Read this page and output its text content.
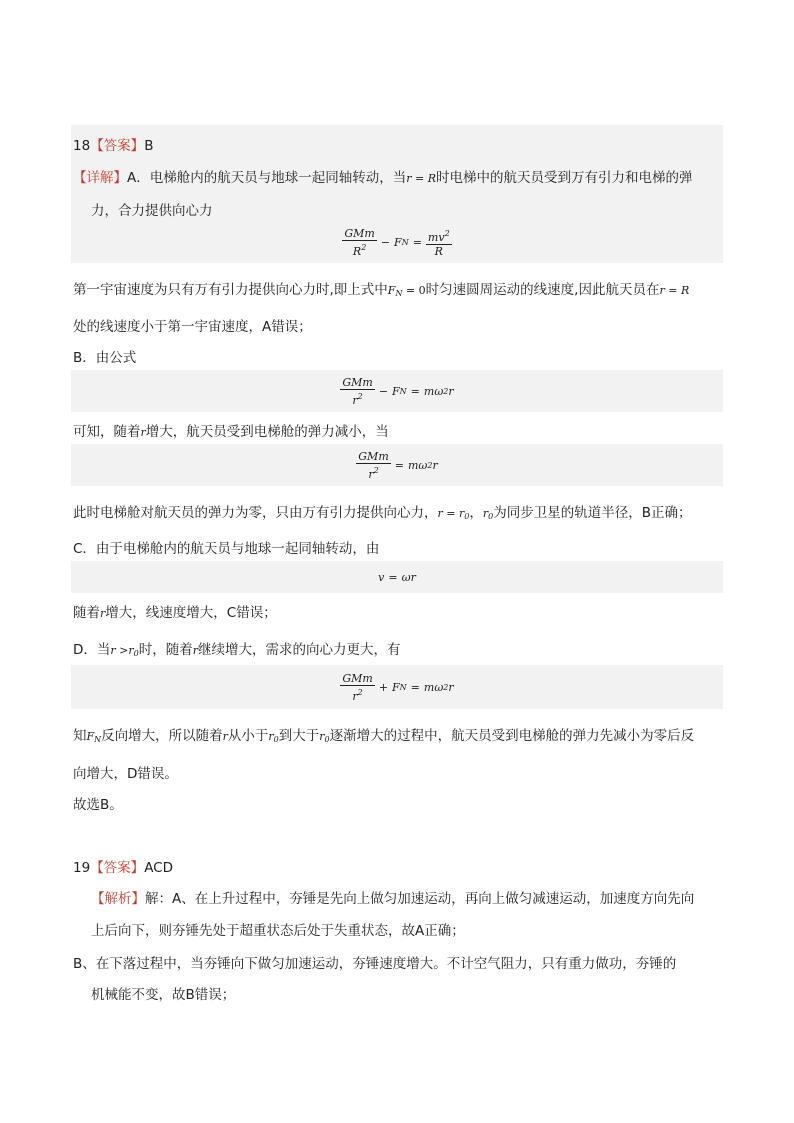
18【答案】B
【详解】A．电梯舱内的航天员与地球一起同轴转动，当r = R时电梯中的航天员受到万有引力和电梯的弹
力，合力提供向心力
$\frac{\text{GMm}}{R^2} - F$ $N = \frac{mv^2}{R}$
第一宇宙速度为只有万有引力提供向心力时,即上式中$F_N = 0$时匀速圆周运动的线速度,因此航天员在r = R
处的线速度小于第一宇宙速度，A错误；
B．由公式
$\frac{\text{GMm}}{r^2} - F$ N = mω 2 r
可知，随着r增大，航天员受到电梯舱的弹力减小，当
$\frac{\text{GMm}}{r^2} = m\omega$ 2 r
此时电梯舱对航天员的弹力为零，只由万有引力提供向心力，$r = r_0$，$r_0$为同步卫星的轨道半径，B正确；
C．由于电梯舱内的航天员与地球一起同轴转动，由
v = ωr
随着r增大，线速度增大，C错误；
D．当$r >r_0$时，随着r继续增大，需求的向心力更大，有
$\frac{\text{GMm}}{r^2} + F$ N = mω 2 r
知$F_N$反向增大，所以随着r从小于$r_0$到大于$r_0$逐渐增大的过程中，航天员受到电梯舱的弹力先减小为零后反
向增大，D错误。
故选B。
19【答案】ACD
【解析】解：A、在上升过程中，夯锤是先向上做匀加速运动，再向上做匀减速运动，加速度方向先向
上后向下，则夯锤先处于超重状态后处于失重状态，故A正确；
B、在下落过程中，当夯锤向下做匀加速运动，夯锤速度增大。不计空气阻力，只有重力做功，夯锤的
机械能不变，故B错误；
